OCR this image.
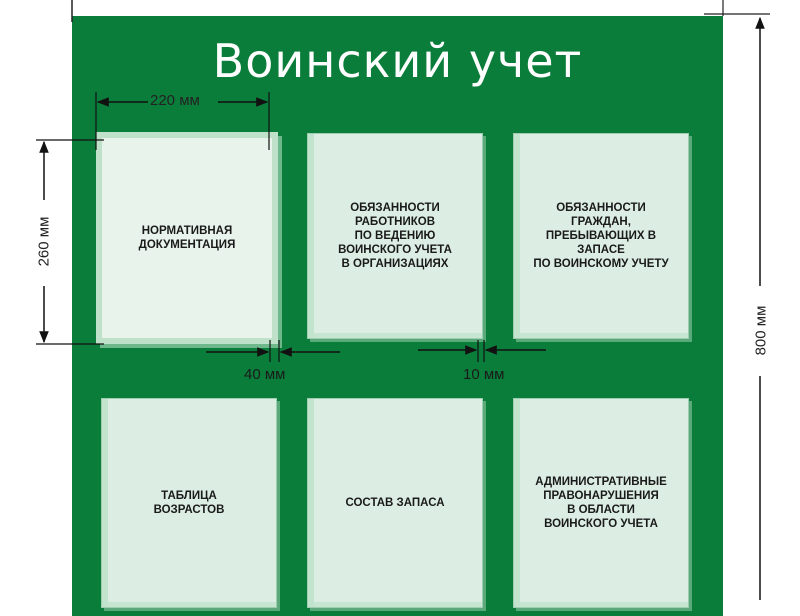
Воинский учет
НОРМАТИВНАЯ
ДОКУМЕНТАЦИЯ
ОБЯЗАННОСТИ
РАБОТНИКОВ
ПО ВЕДЕНИЮ
ВОИНСКОГО УЧЕТА
В ОРГАНИЗАЦИЯХ
ОБЯЗАННОСТИ
ГРАЖДАН,
ПРЕБЫВАЮЩИХ В
ЗАПАСЕ
ПО ВОИНСКОМУ УЧЕТУ
ТАБЛИЦА
ВОЗРАСТОВ
СОСТАВ ЗАПАСА
АДМИНИСТРАТИВНЫЕ
ПРАВОНАРУШЕНИЯ
В ОБЛАСТИ
ВОИНСКОГО УЧЕТА
220 мм
260 мм
40 мм	10 мм
800 мм
